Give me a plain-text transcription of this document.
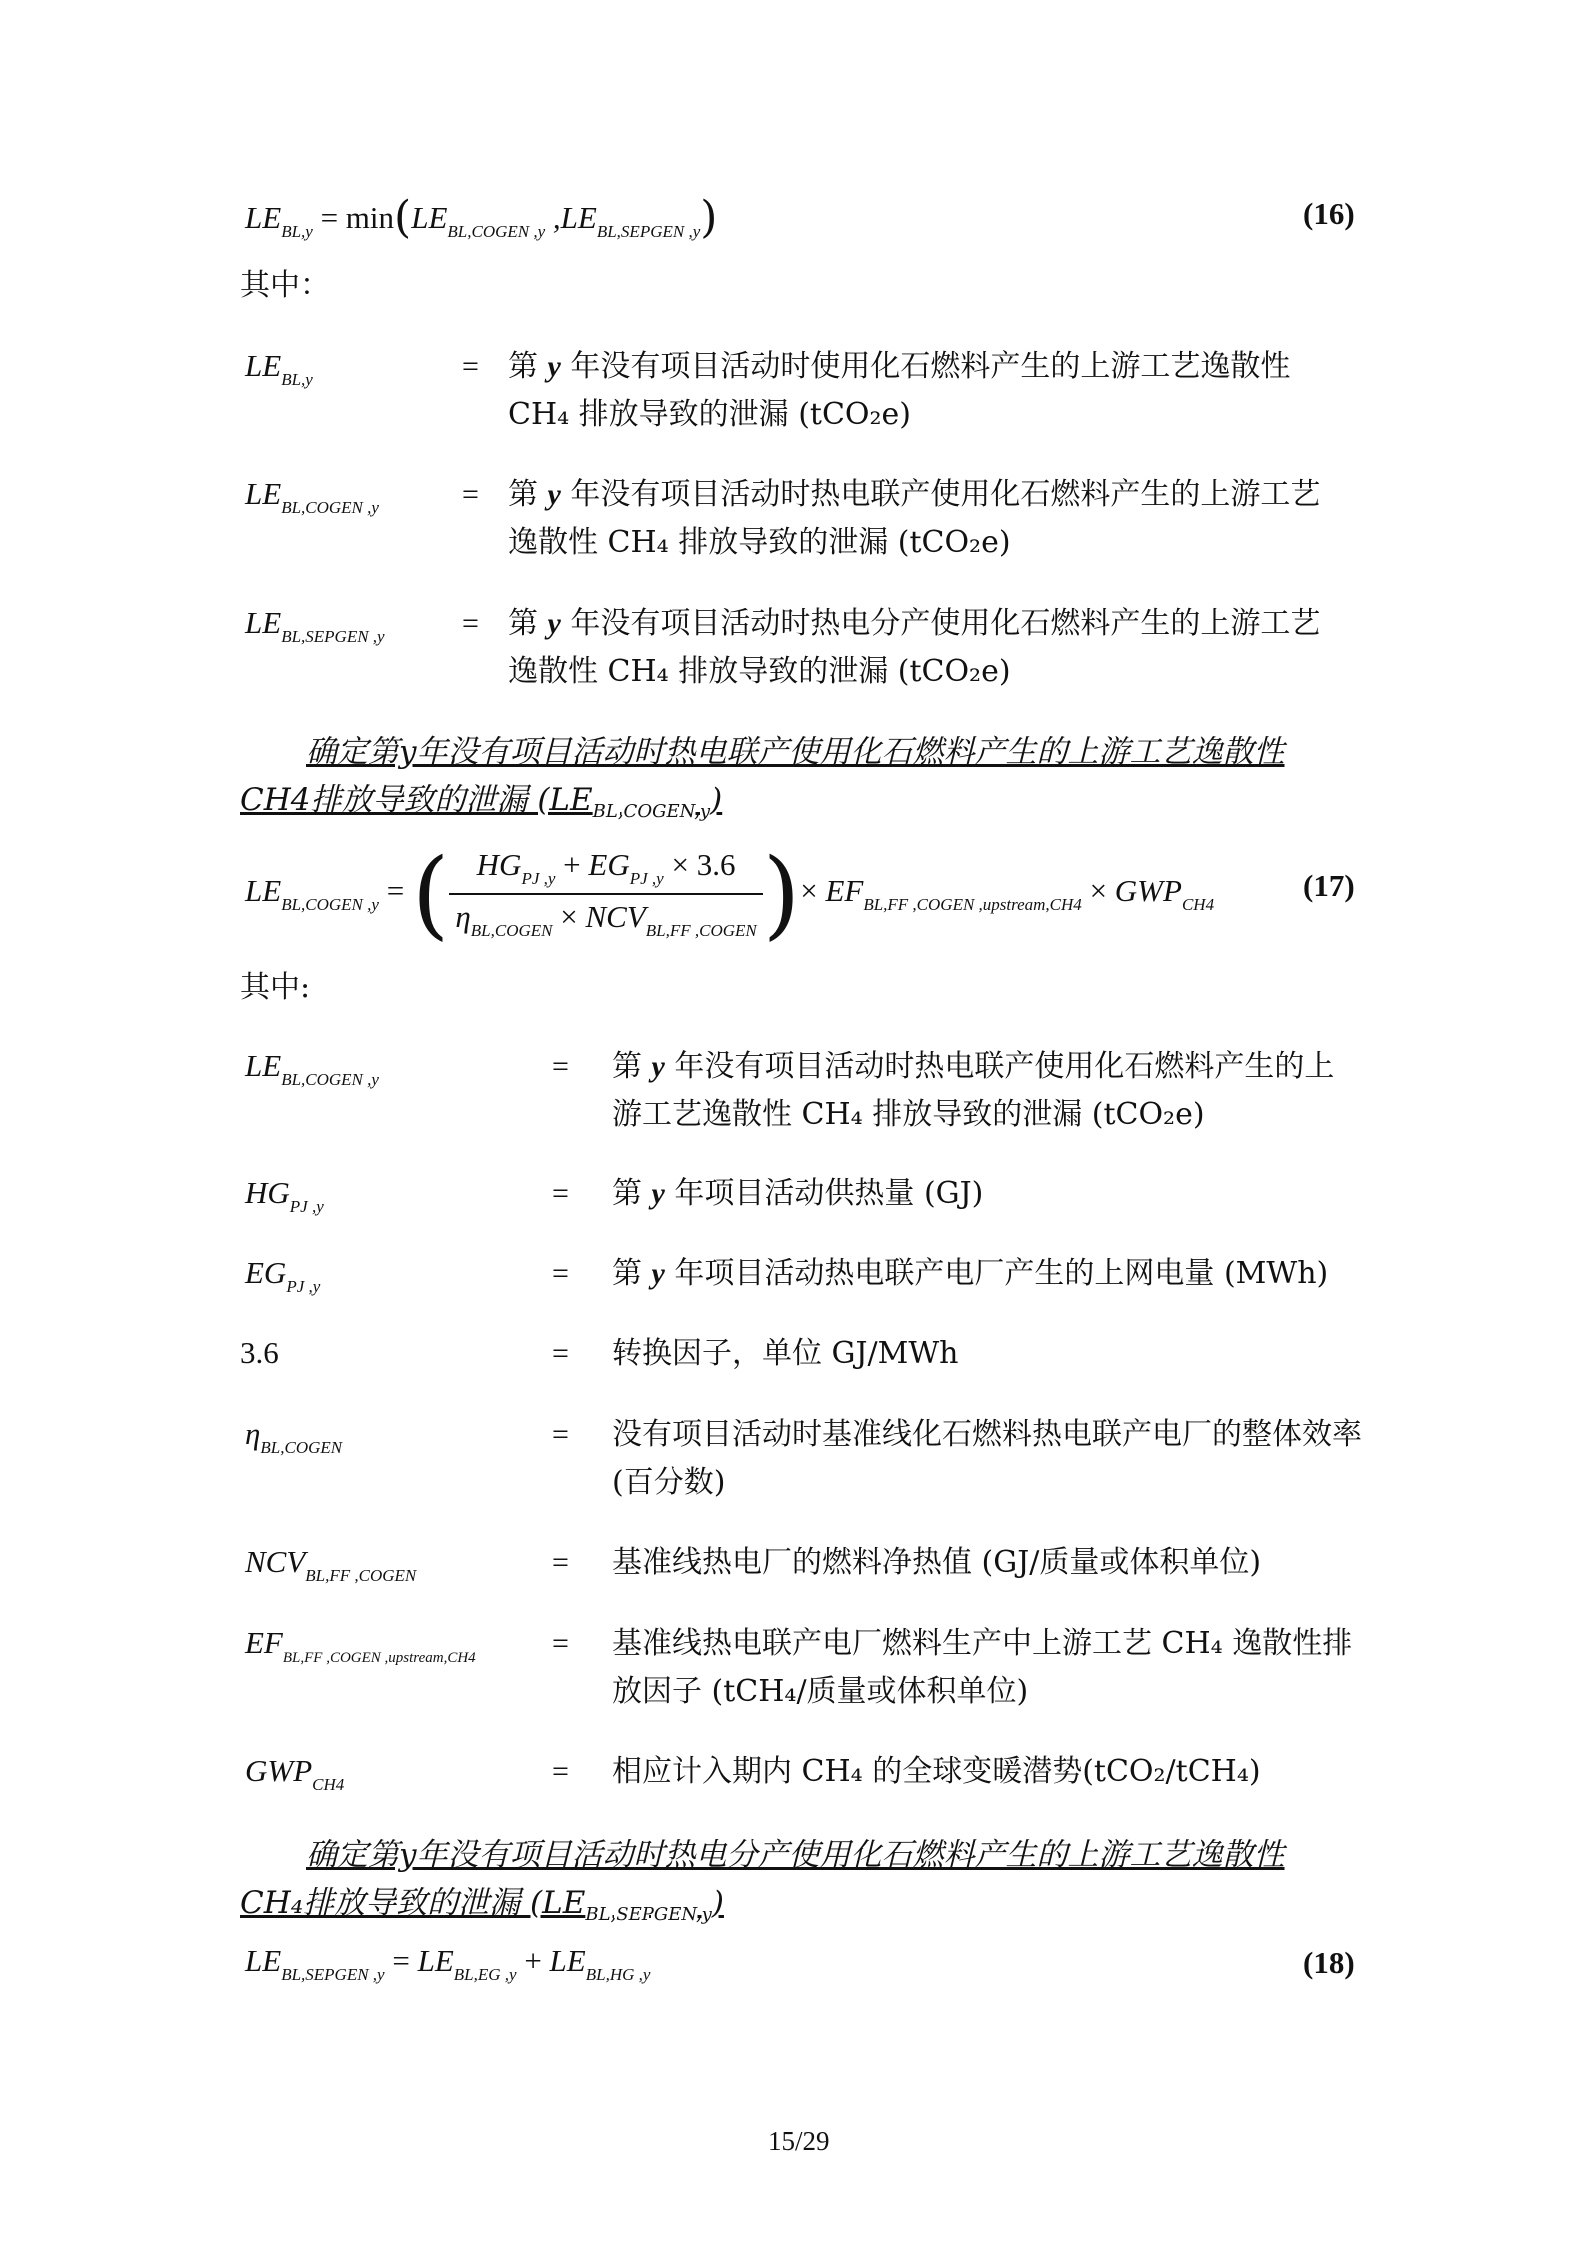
$LE_{BL,y} = \min(LE_{BL,COGEN ,y}$ $,LE_{BL,SEPGEN ,y}$)	(16)
其中：
$LE_{BL,y}$	= 第 y 年没有项目活动时使用化石燃料产生的上游工艺逸散性 CH₄ 排放导致的泄漏 (tCO₂e)
$LE_{BL,COGEN ,y}$	= 第 y 年没有项目活动时热电联产使用化石燃料产生的上游工艺逸散性 CH₄ 排放导致的泄漏 (tCO₂e)
$LE_{BL,SEPGEN ,y}$	= 第 y 年没有项目活动时热电分产使用化石燃料产生的上游工艺逸散性 CH₄ 排放导致的泄漏 (tCO₂e)
确定第y年没有项目活动时热电联产使用化石燃料产生的上游工艺逸散性
CH4排放导致的泄漏 $(LE_{BL,COGEN,y})$
$LE_{BL,COGEN ,y}$ = ( $\frac{HG_{PJ ,y} + EG_{PJ ,y} \times 3.6}{\eta_{BL,COGEN} \times NCV_{BL,FF ,COGEN}}$ )× $EF_{BL,FF ,COGEN ,upstream,CH4} \times GWP_{CH4}$
(17)
其中:
$LE_{BL,COGEN ,y}$	= 第 y 年没有项目活动时热电联产使用化石燃料产生的上游工艺逸散性 CH₄ 排放导致的泄漏 (tCO₂e)
$HG_{PJ ,y}$	= 第 y 年项目活动供热量 (GJ)
$EG_{PJ ,y}$	= 第 y 年项目活动热电联产电厂产生的上网电量 (MWh)
3.6	= 转换因子，单位 GJ/MWh
$\eta_{BL,COGEN}$	= 没有项目活动时基准线化石燃料热电联产电厂的整体效率(百分数)
$NCV_{BL,FF ,COGEN}$	= 基准线热电厂的燃料净热值 (GJ/质量或体积单位)
$EF_{BL,FF ,COGEN ,upstream,CH4}$	= 基准线热电联产电厂燃料生产中上游工艺 CH₄ 逸散性排放因子 (tCH₄/质量或体积单位)
$GWP_{CH4}$	= 相应计入期内 CH₄ 的全球变暖潜势(tCO₂/tCH₄)
确定第y年没有项目活动时热电分产使用化石燃料产生的上游工艺逸散性
CH₄排放导致的泄漏 $(LE_{BL,SEPGEN,y})$
$LE_{BL,SEPGEN ,y} = LE_{BL,EG ,y} + LE_{BL,HG ,y}$	(18)
15/29
